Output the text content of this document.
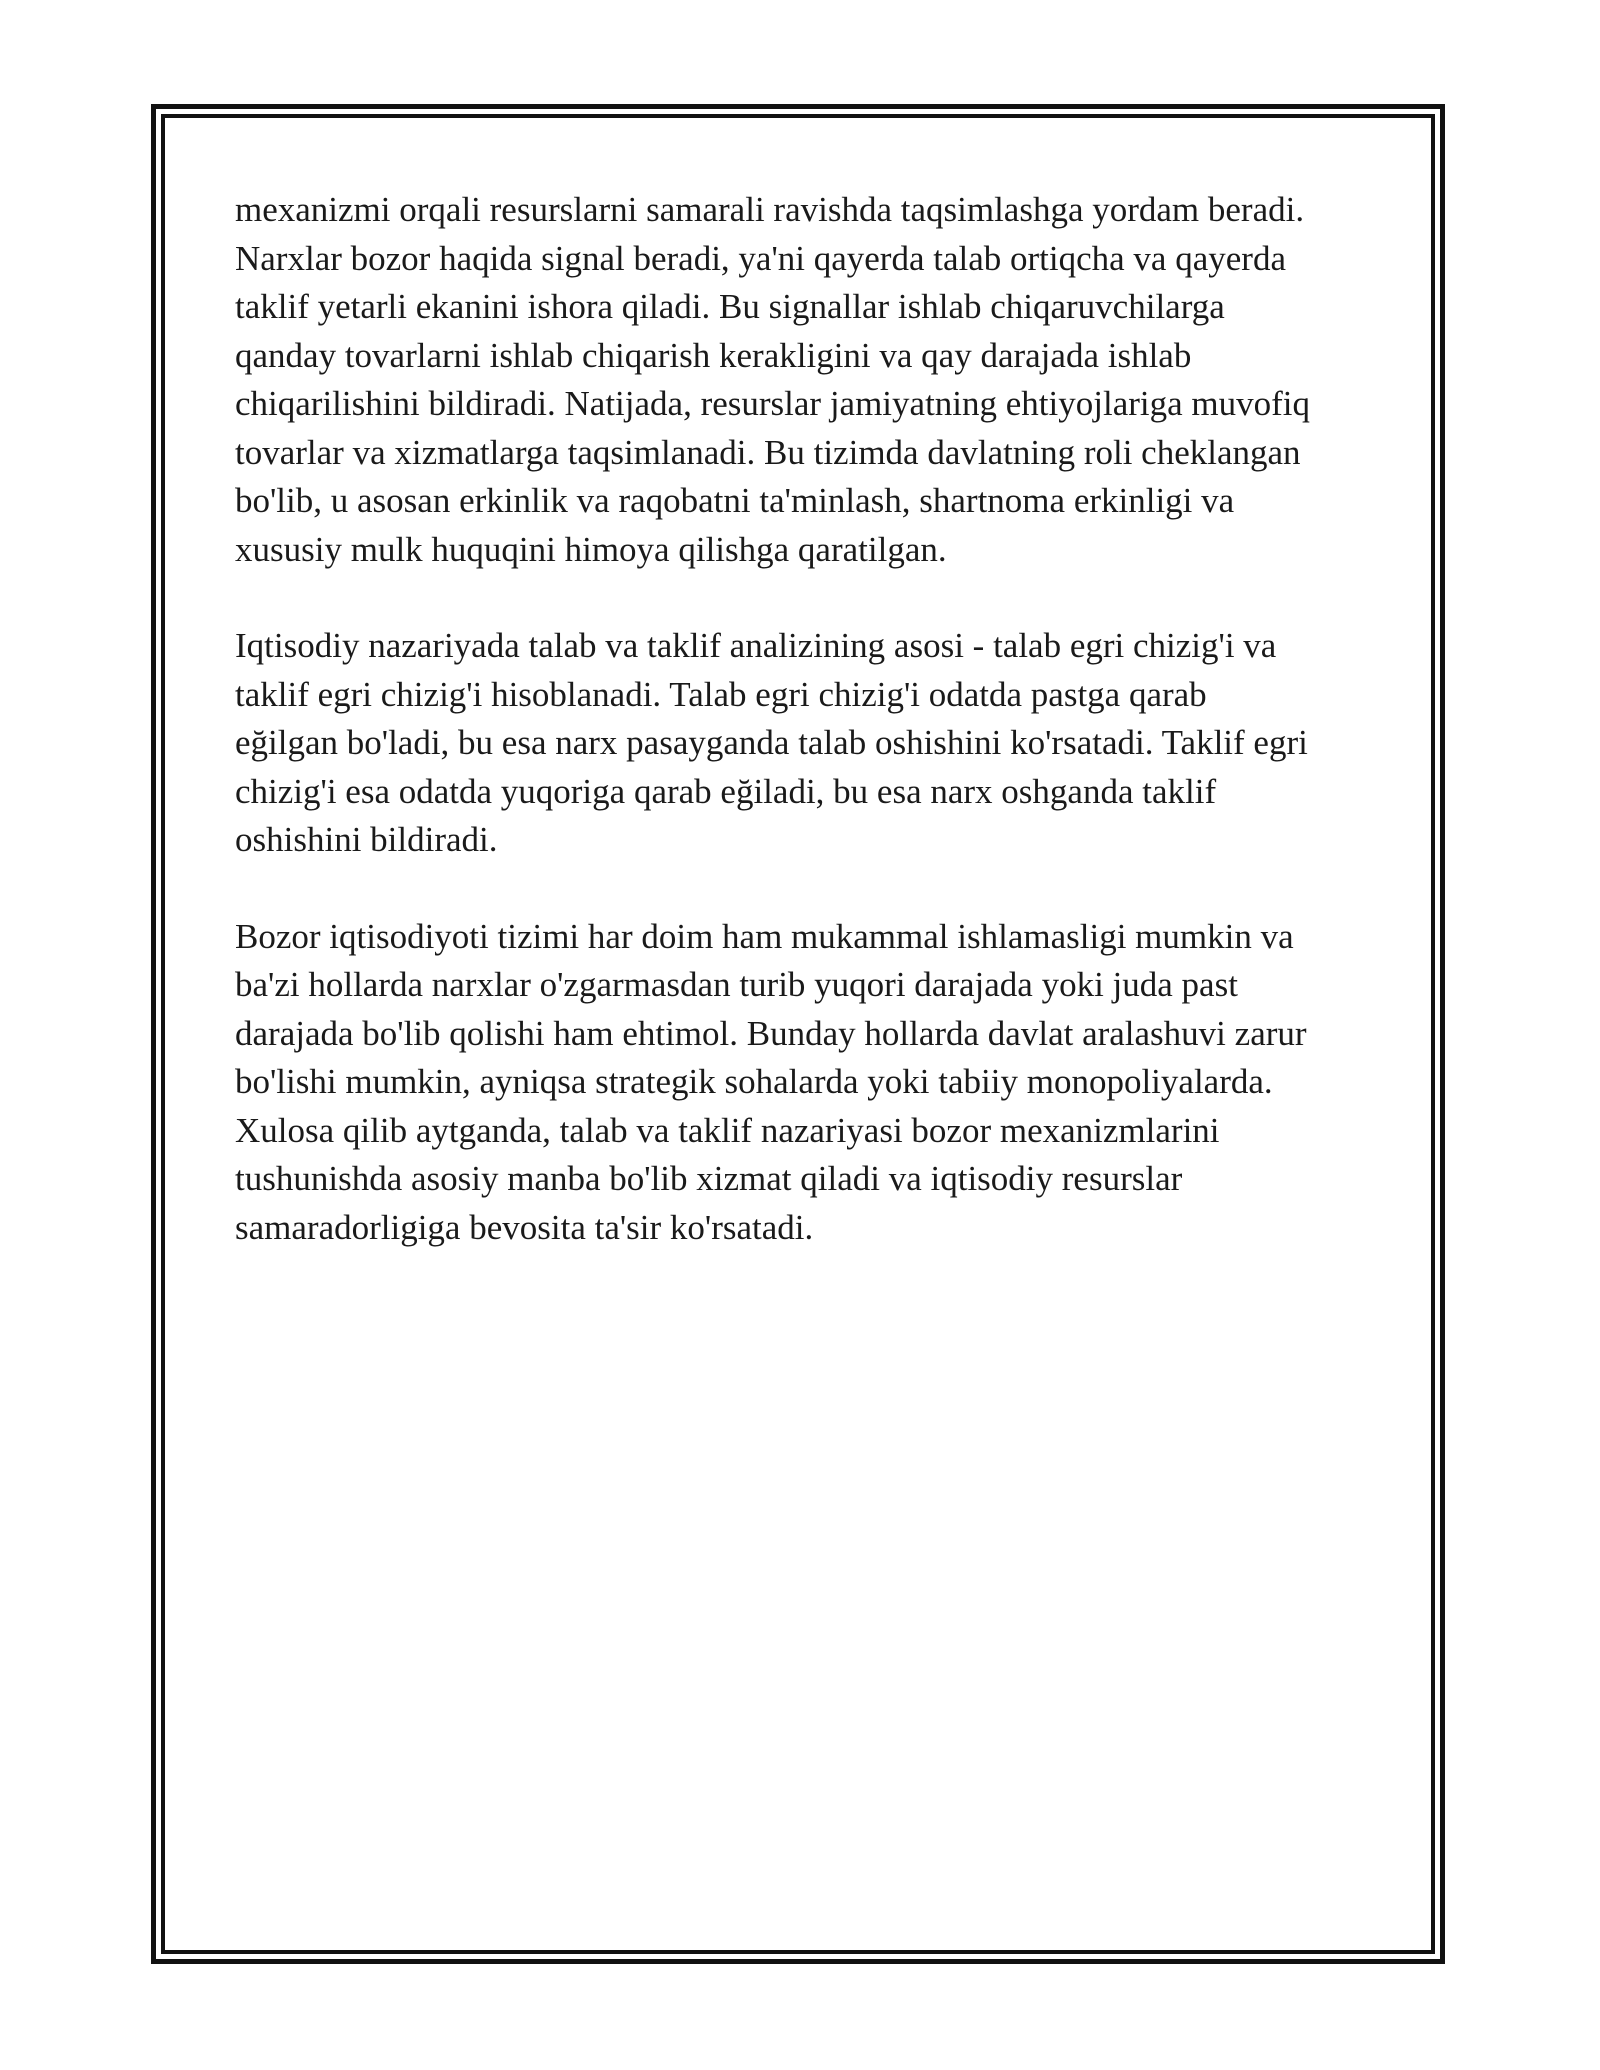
mexanizmi orqali resurslarni samarali ravishda taqsimlashga yordam beradi.
Narxlar bozor haqida signal beradi, ya'ni qayerda talab ortiqcha va qayerda
taklif yetarli ekanini ishora qiladi. Bu signallar ishlab chiqaruvchilarga
qanday tovarlarni ishlab chiqarish kerakligini va qay darajada ishlab
chiqarilishini bildiradi. Natijada, resurslar jamiyatning ehtiyojlariga muvofiq
tovarlar va xizmatlarga taqsimlanadi. Bu tizimda davlatning roli cheklangan
bo'lib, u asosan erkinlik va raqobatni ta'minlash, shartnoma erkinligi va
xususiy mulk huquqini himoya qilishga qaratilgan.

Iqtisodiy nazariyada talab va taklif analizining asosi - talab egri chizig'i va
taklif egri chizig'i hisoblanadi. Talab egri chizig'i odatda pastga qarab
eğilgan bo'ladi, bu esa narx pasayganda talab oshishini ko'rsatadi. Taklif egri
chizig'i esa odatda yuqoriga qarab eğiladi, bu esa narx oshganda taklif
oshishini bildiradi.

Bozor iqtisodiyoti tizimi har doim ham mukammal ishlamasligi mumkin va
ba'zi hollarda narxlar o'zgarmasdan turib yuqori darajada yoki juda past
darajada bo'lib qolishi ham ehtimol. Bunday hollarda davlat aralashuvi zarur
bo'lishi mumkin, ayniqsa strategik sohalarda yoki tabiiy monopoliyalarda.
Xulosa qilib aytganda, talab va taklif nazariyasi bozor mexanizmlarini
tushunishda asosiy manba bo'lib xizmat qiladi va iqtisodiy resurslar
samaradorligiga bevosita ta'sir ko'rsatadi.
